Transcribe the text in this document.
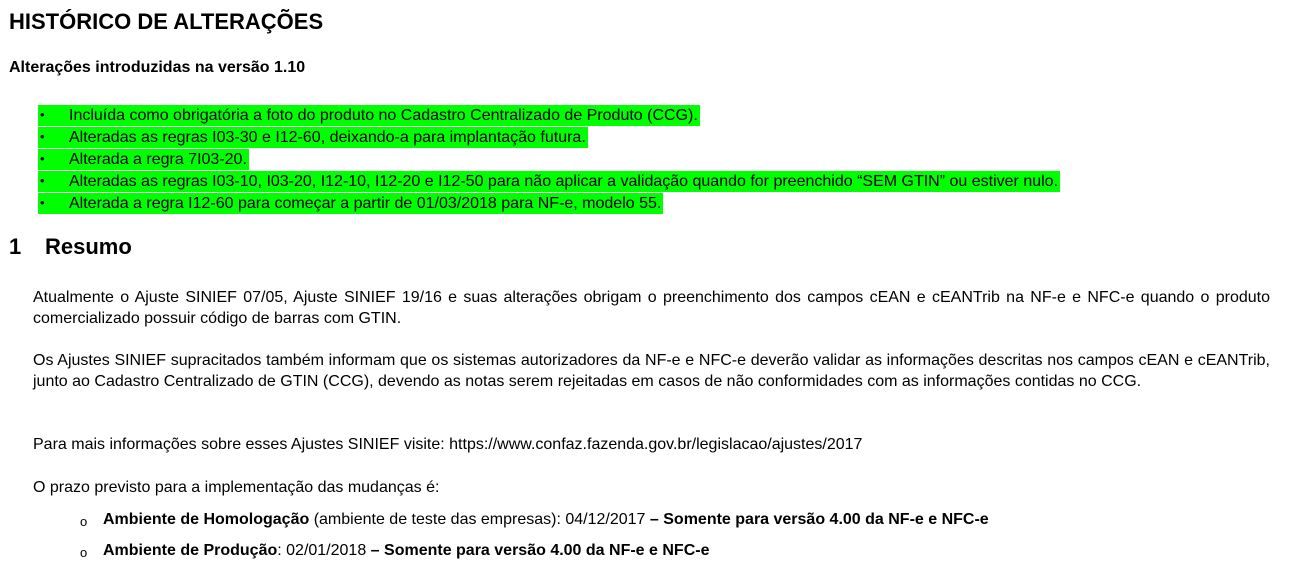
HISTÓRICO DE ALTERAÇÕES
Alterações introduzidas na versão 1.10
Incluída como obrigatória a foto do produto no Cadastro Centralizado de Produto (CCG).
•
Alteradas as regras I03-30 e I12-60, deixando-a para implantação futura.
•
Alterada a regra 7I03-20.
•
Alteradas as regras I03-10, I03-20, I12-10, I12-20 e I12-50 para não aplicar a validação quando for preenchido “SEM GTIN” ou estiver nulo.
•
Alterada a regra I12-60 para começar a partir de 01/03/2018 para NF-e, modelo 55.
•
1 Resumo

Atualmente o Ajuste SINIEF 07/05, Ajuste SINIEF 19/16 e suas alterações obrigam o preenchimento dos campos cEAN e cEANTrib na NF-e e NFC-e quando o produto comercializado possuir código de barras com GTIN.

Os Ajustes SINIEF supracitados também informam que os sistemas autorizadores da NF-e e NFC-e deverão validar as informações descritas nos campos cEAN e cEANTrib, junto ao Cadastro Centralizado de GTIN (CCG), devendo as notas serem rejeitadas em casos de não conformidades com as informações contidas no CCG.

Para mais informações sobre esses Ajustes SINIEF visite: https://www.confaz.fazenda.gov.br/legislacao/ajustes/2017

O prazo previsto para a implementação das mudanças é:

o Ambiente de Homologação (ambiente de teste das empresas): 04/12/2017 – Somente para versão 4.00 da NF-e e NFC-e
o Ambiente de Produção: 02/01/2018 – Somente para versão 4.00 da NF-e e NFC-e
